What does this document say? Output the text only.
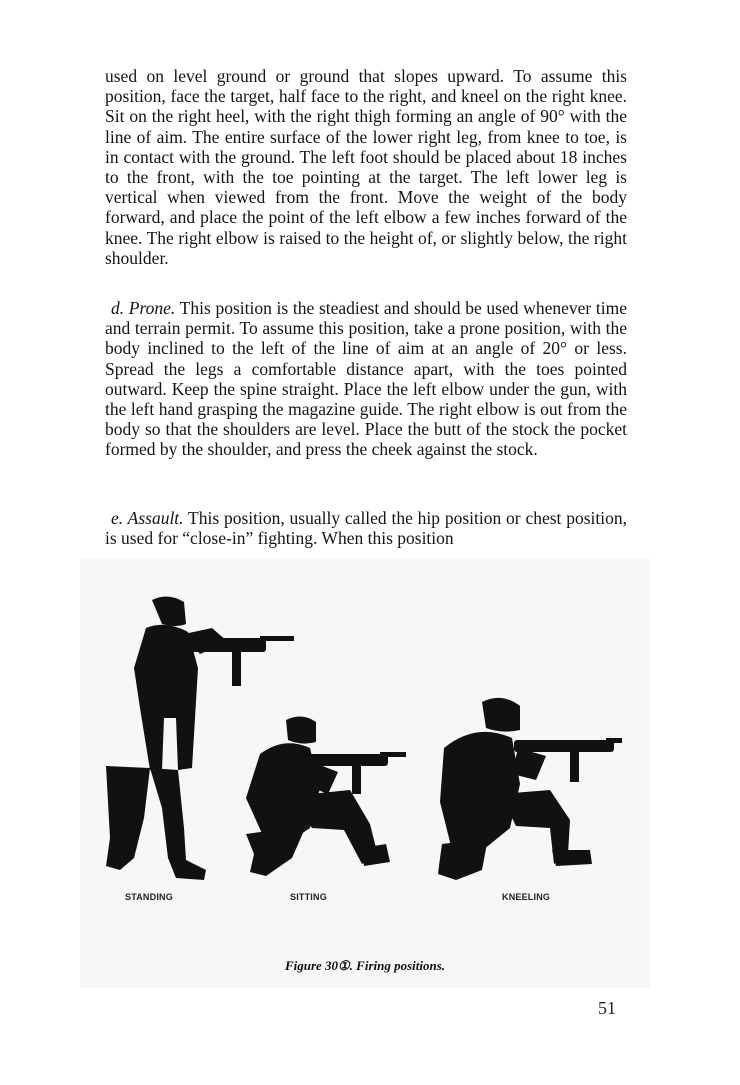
used on level ground or ground that slopes upward. To assume this position, face the target, half face to the right, and kneel on the right knee. Sit on the right heel, with the right thigh forming an angle of 90° with the line of aim. The entire surface of the lower right leg, from knee to toe, is in contact with the ground. The left foot should be placed about 18 inches to the front, with the toe pointing at the target. The left lower leg is vertical when viewed from the front. Move the weight of the body forward, and place the point of the left elbow a few inches forward of the knee. The right elbow is raised to the height of, or slightly below, the right shoulder.

d. Prone. This position is the steadiest and should be used whenever time and terrain permit. To assume this position, take a prone position, with the body inclined to the left of the line of aim at an angle of 20° or less. Spread the legs a comfortable distance apart, with the toes pointed outward. Keep the spine straight. Place the left elbow under the gun, with the left hand grasping the magazine guide. The right elbow is out from the body so that the shoulders are level. Place the butt of the stock the pocket formed by the shoulder, and press the cheek against the stock.

e. Assault. This position, usually called the hip position or chest position, is used for “close-in” fighting. When this position

STANDING	SITTING	KNEELING
Figure 30①. Firing positions.
51
